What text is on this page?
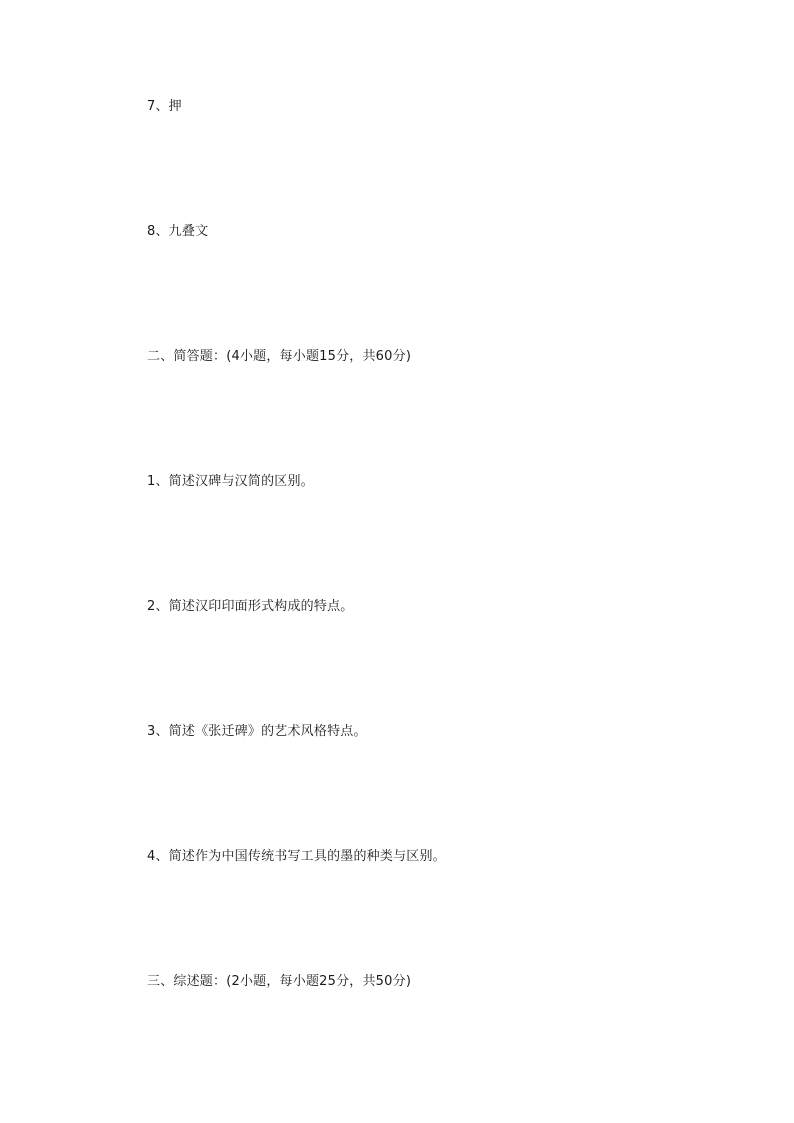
7、押
8、九叠文
二、简答题：(4小题，每小题15分，共60分)
1、简述汉碑与汉简的区别。
2、简述汉印印面形式构成的特点。
3、简述《张迁碑》的艺术风格特点。
4、简述作为中国传统书写工具的墨的种类与区别。
三、综述题：(2小题，每小题25分，共50分)
